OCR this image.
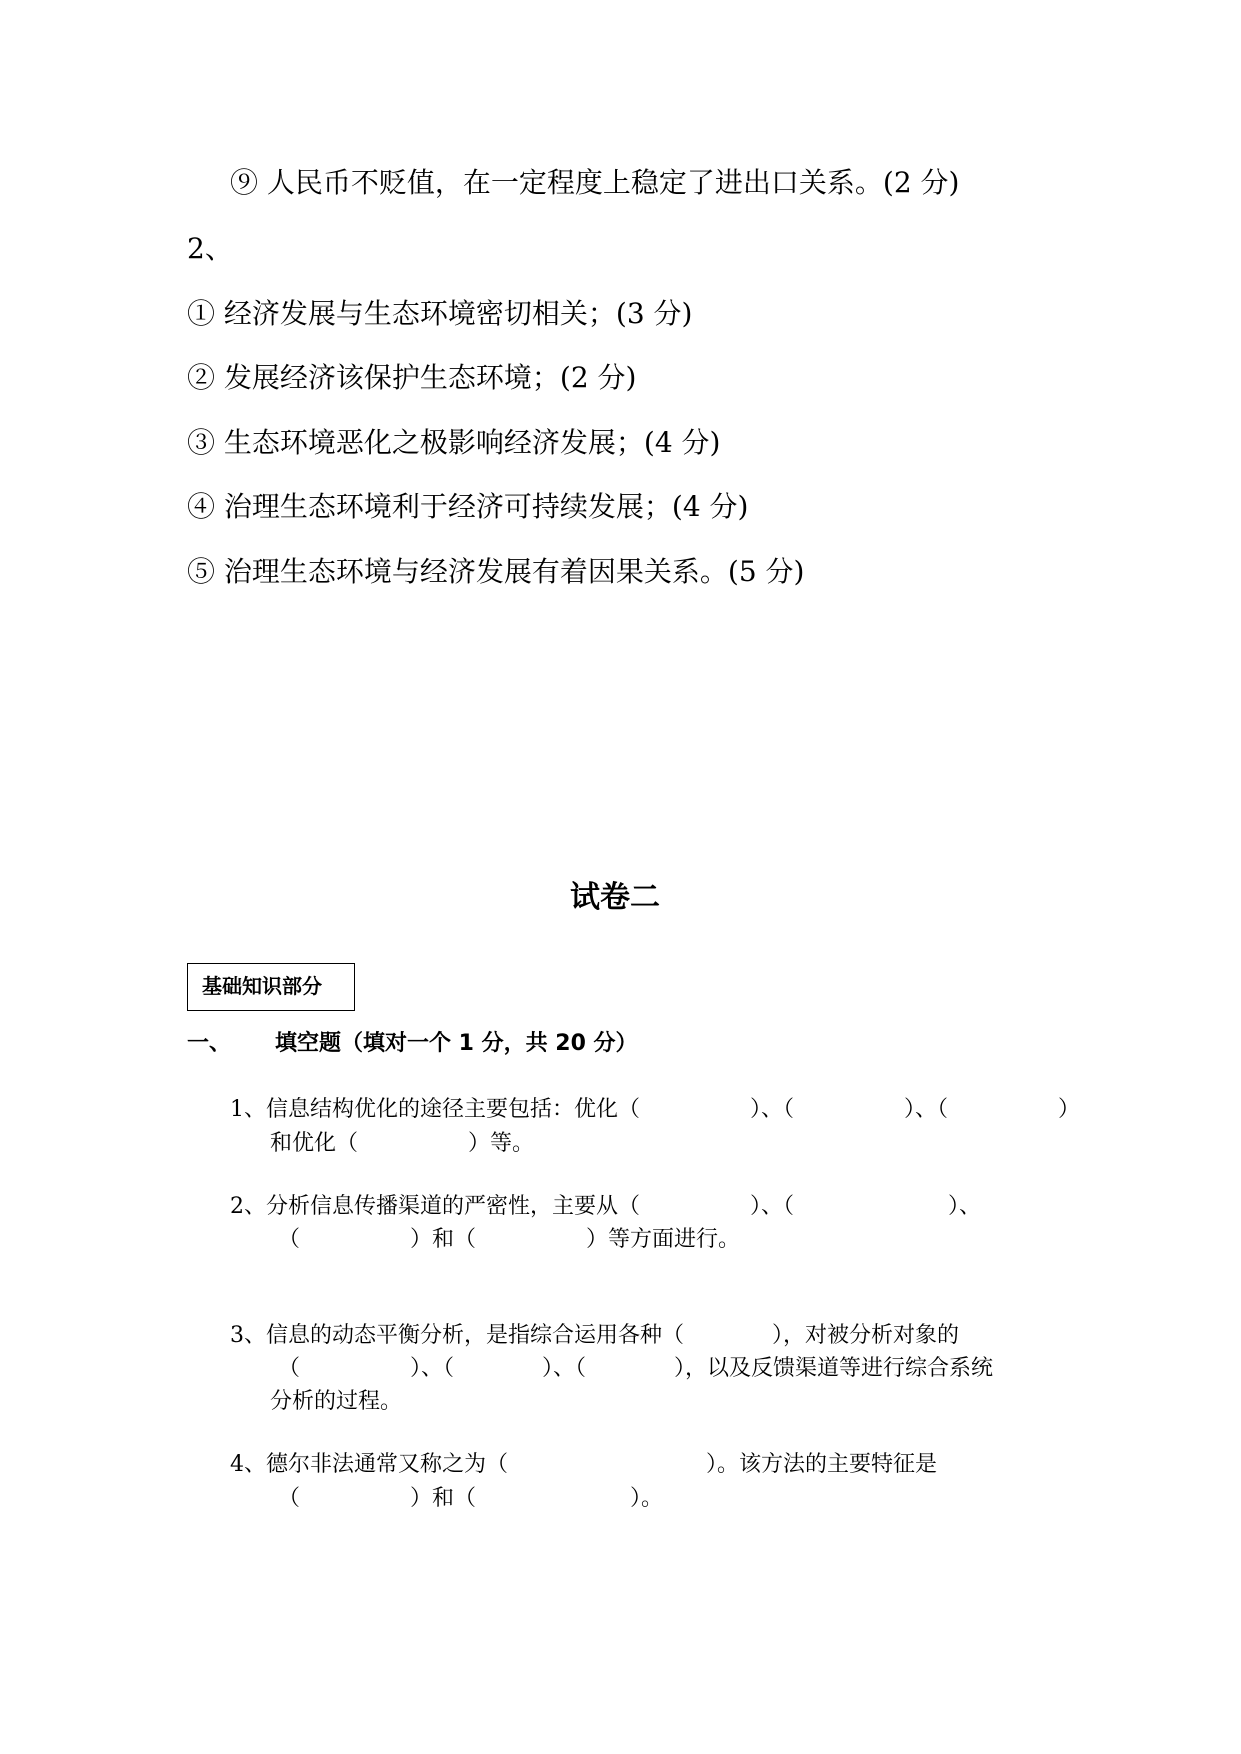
⑨ 人民币不贬值，在一定程度上稳定了进出口关系。(2 分)
2、
① 经济发展与生态环境密切相关；(3 分)
② 发展经济该保护生态环境；(2 分)
③ 生态环境恶化之极影响经济发展；(4 分)
④ 治理生态环境利于经济可持续发展；(4 分)
⑤ 治理生态环境与经济发展有着因果关系。(5 分)
试卷二
基础知识部分
一、 填空题（填对一个 1 分，共 20 分）
1、信息结构优化的途径主要包括：优化（　　　　　）、（　　　　　）、（　　　　　）
和优化（　　　　　）等。
2、分析信息传播渠道的严密性，主要从（　　　　　）、（　　　　　　　）、
（　　　　　）和（　　　　　）等方面进行。
3、信息的动态平衡分析，是指综合运用各种（　　　　），对被分析对象的
（　　　　　）、（　　　　）、（　　　　），以及反馈渠道等进行综合系统
分析的过程。
4、德尔非法通常又称之为（　　　　　　　　　）。该方法的主要特征是
（　　　　　）和（　　　　　　　）。
